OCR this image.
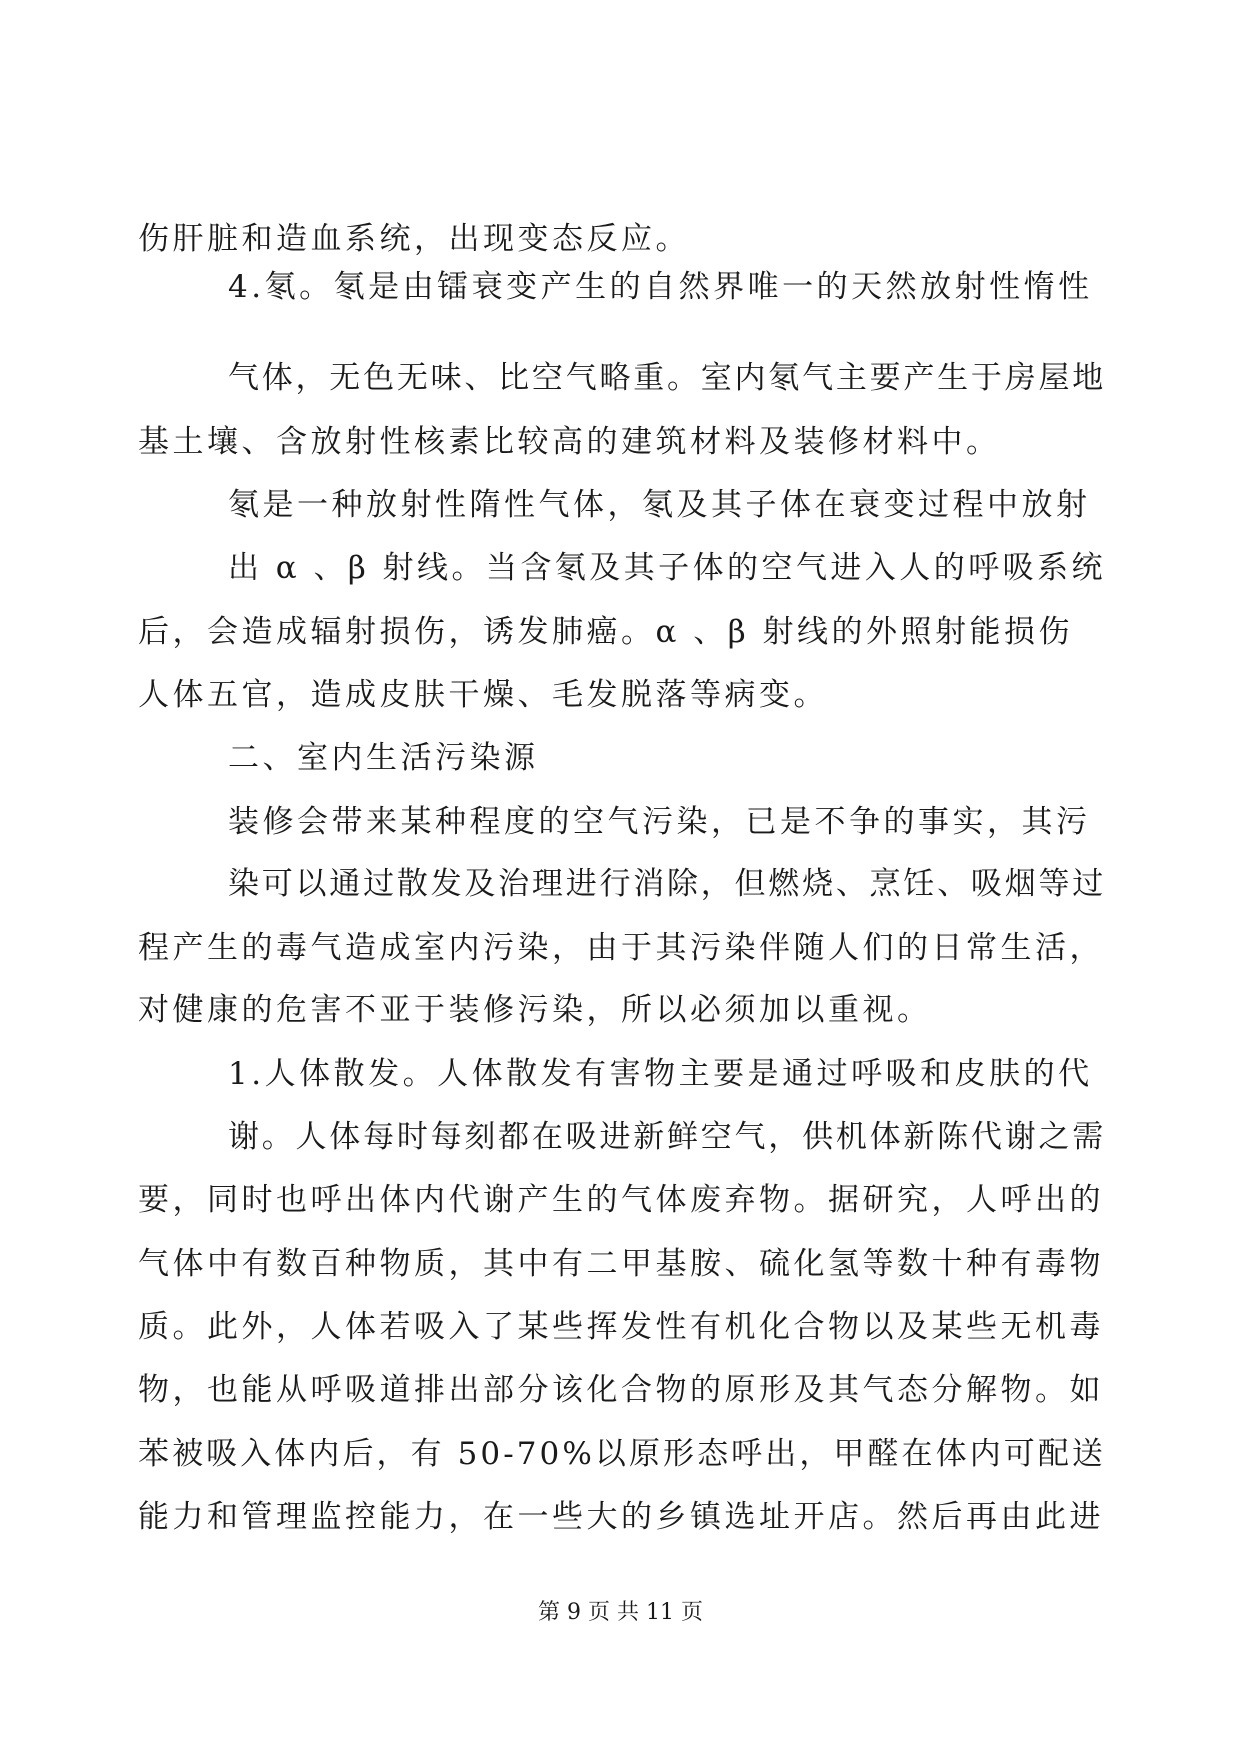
伤肝脏和造血系统，出现变态反应。
4.氡。氡是由镭衰变产生的自然界唯一的天然放射性惰性
气体，无色无味、比空气略重。室内氡气主要产生于房屋地
基土壤、含放射性核素比较高的建筑材料及装修材料中。
氡是一种放射性隋性气体，氡及其子体在衰变过程中放射
出 α 、β 射线。当含氡及其子体的空气进入人的呼吸系统
后，会造成辐射损伤，诱发肺癌。α 、β 射线的外照射能损伤
人体五官，造成皮肤干燥、毛发脱落等病变。
二、室内生活污染源
装修会带来某种程度的空气污染，已是不争的事实，其污
染可以通过散发及治理进行消除，但燃烧、烹饪、吸烟等过
程产生的毒气造成室内污染，由于其污染伴随人们的日常生活，
对健康的危害不亚于装修污染，所以必须加以重视。
1.人体散发。人体散发有害物主要是通过呼吸和皮肤的代
谢。人体每时每刻都在吸进新鲜空气，供机体新陈代谢之需
要，同时也呼出体内代谢产生的气体废弃物。据研究，人呼出的
气体中有数百种物质，其中有二甲基胺、硫化氢等数十种有毒物
质。此外，人体若吸入了某些挥发性有机化合物以及某些无机毒
物，也能从呼吸道排出部分该化合物的原形及其气态分解物。如
苯被吸入体内后，有 50-70%以原形态呼出，甲醛在体内可配送
能力和管理监控能力，在一些大的乡镇选址开店。然后再由此进
第 9 页 共 11 页
